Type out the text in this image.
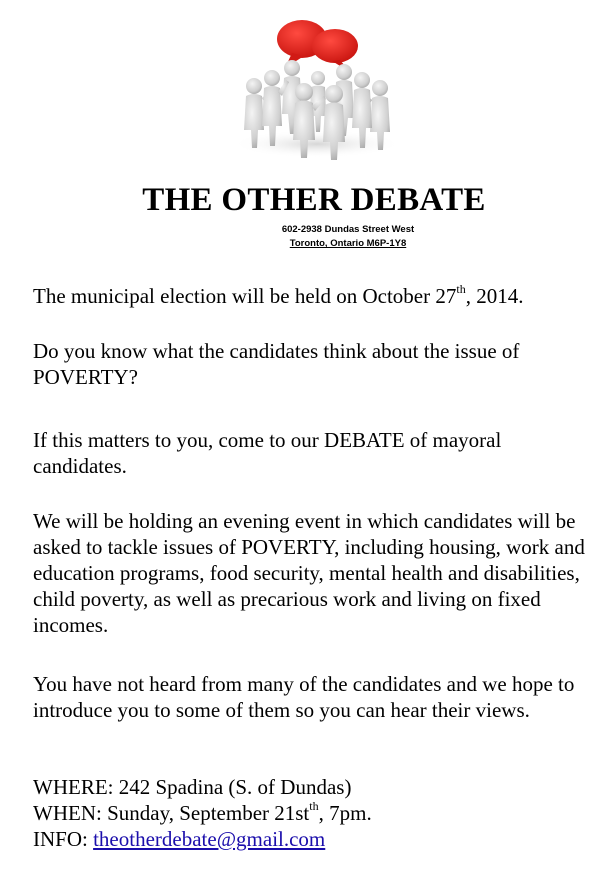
THE OTHER DEBATE

602-2938 Dundas Street West

Toronto, Ontario M6P-1Y8

The municipal election will be held on October 27th, 2014.

Do you know what the candidates think about the issue of POVERTY?

If this matters to you, come to our DEBATE of mayoral candidates.

We will be holding an evening event in which candidates will be asked to tackle issues of POVERTY, including housing, work and education programs, food security, mental health and disabilities, child poverty, as well as precarious work and living on fixed incomes.

You have not heard from many of the candidates and we hope to introduce you to some of them so you can hear their views.

WHERE: 242 Spadina (S. of Dundas)
WHEN: Sunday, September $21st^{th}$, 7pm.
INFO: theotherdebate@gmail.com
